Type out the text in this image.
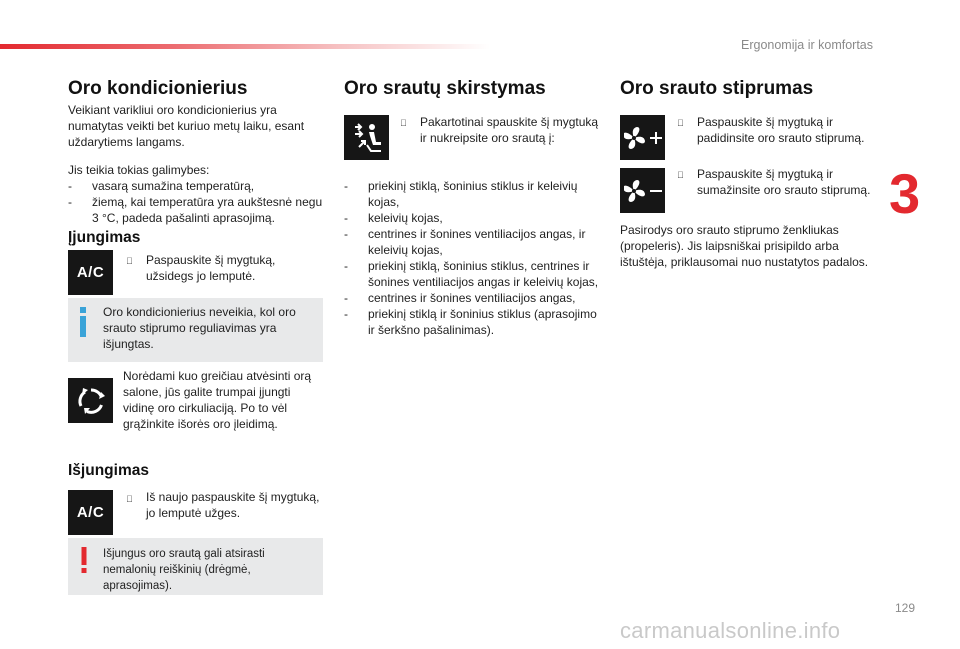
Ergonomija ir komfortas
3
Oro kondicionierius

Veikiant varikliui oro kondicionierius yra numatytas veikti bet kuriuo metų laiku, esant uždarytiems langams.

Jis teikia tokias galimybes:

- vasarą sumažina temperatūrą,
- žiemą, kai temperatūra yra aukštesnė negu 3 °C, padeda pašalinti aprasojimą.
Įjungimas
A/C
Paspauskite šį mygtuką, užsidegs jo lemputė.
Oro kondicionierius neveikia, kol oro srauto stiprumo reguliavimas yra išjungtas.
Norėdami kuo greičiau atvėsinti orą salone, jūs galite trumpai įjungti vidinę oro cirkuliaciją. Po to vėl grąžinkite išorės oro įleidimą.
Išjungimas
A/C
Iš naujo paspauskite šį mygtuką, jo lemputė užges.
Išjungus oro srautą gali atsirasti nemalonių reiškinių (drėgmė, aprasojimas).
Oro srautų skirstymas
Pakartotinai spauskite šį mygtuką ir nukreipsite oro srautą į:
- priekinį stiklą, šoninius stiklus ir keleivių kojas,
- keleivių kojas,
- centrines ir šonines ventiliacijos angas, ir keleivių kojas,
- priekinį stiklą, šoninius stiklus, centrines ir šonines ventiliacijos angas ir keleivių kojas,
- centrines ir šonines ventiliacijos angas,
- priekinį stiklą ir šoninius stiklus (aprasojimo ir šerkšno pašalinimas).
Oro srauto stiprumas
Paspauskite šį mygtuką ir padidinsite oro srauto stiprumą.
Paspauskite šį mygtuką ir sumažinsite oro srauto stiprumą.

Pasirodys oro srauto stiprumo ženkliukas (propeleris). Jis laipsniškai prisipildo arba ištuštėja, priklausomai nuo nustatytos padalos.

129
carmanualsonline.info
